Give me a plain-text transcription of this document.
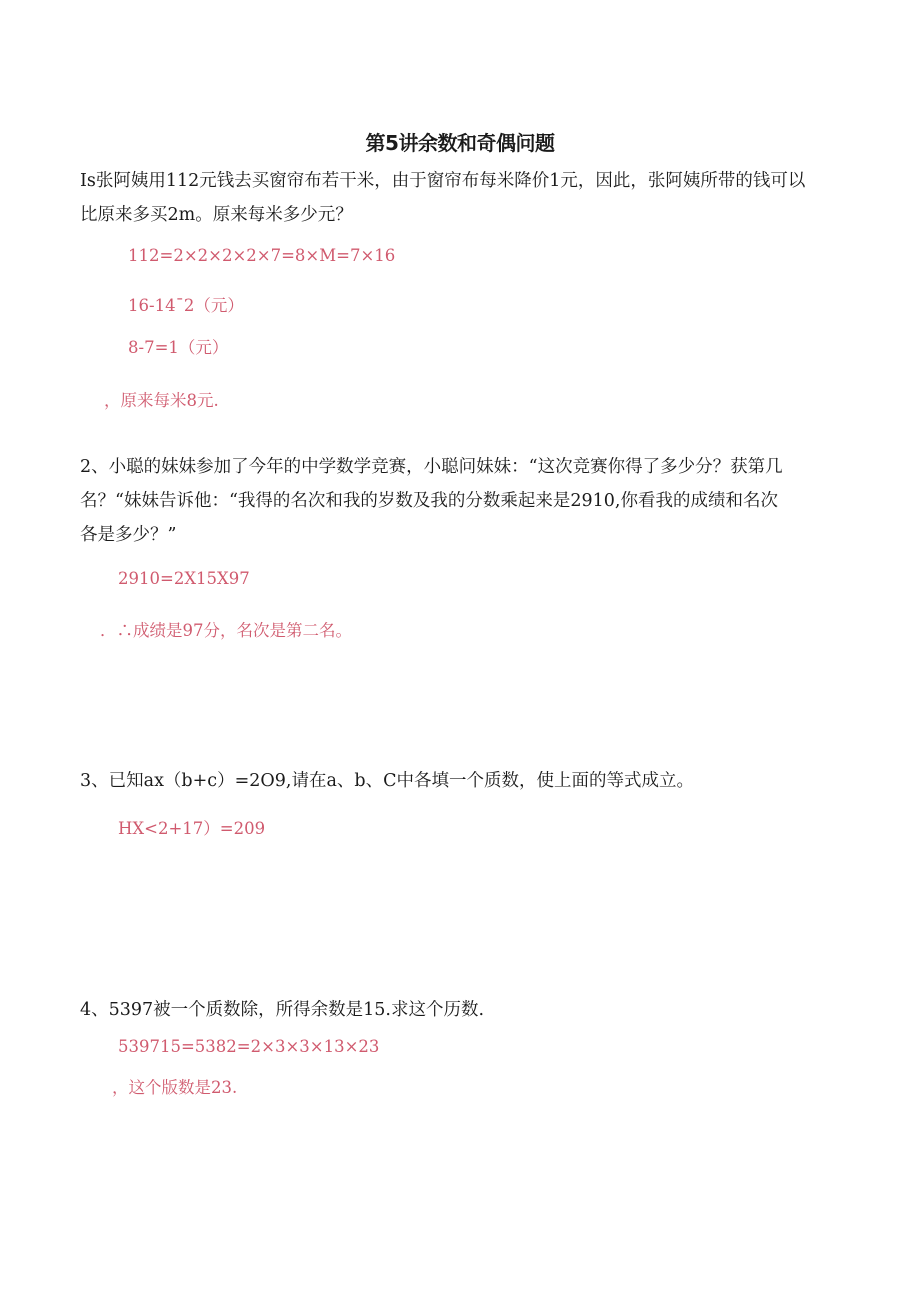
第5讲余数和奇偶问题
Is张阿姨用112元钱去买窗帘布若干米，由于窗帘布每米降价1元，因此，张阿姨所带的钱可以
比原来多买2m。原来每米多少元？
112=2×2×2×2×7=8×M=7×16
16-14ˉ2（元）
8-7=1（元）
，原来每米8元.
2、小聪的妹妹参加了今年的中学数学竞赛，小聪问妹妹：“这次竞赛你得了多少分？获第几
名？“妹妹告诉他：“我得的名次和我的岁数及我的分数乘起来是2910,你看我的成绩和名次
各是多少？”
2910=2X15X97
．∴成绩是97分，名次是第二名。
3、已知ax（b+c）=2O9,请在a、b、C中各填一个质数，使上面的等式成立。
HX<2+17）=209
4、5397被一个质数除，所得余数是15.求这个历数.
539715=5382=2×3×3×13×23
，这个版数是23.
